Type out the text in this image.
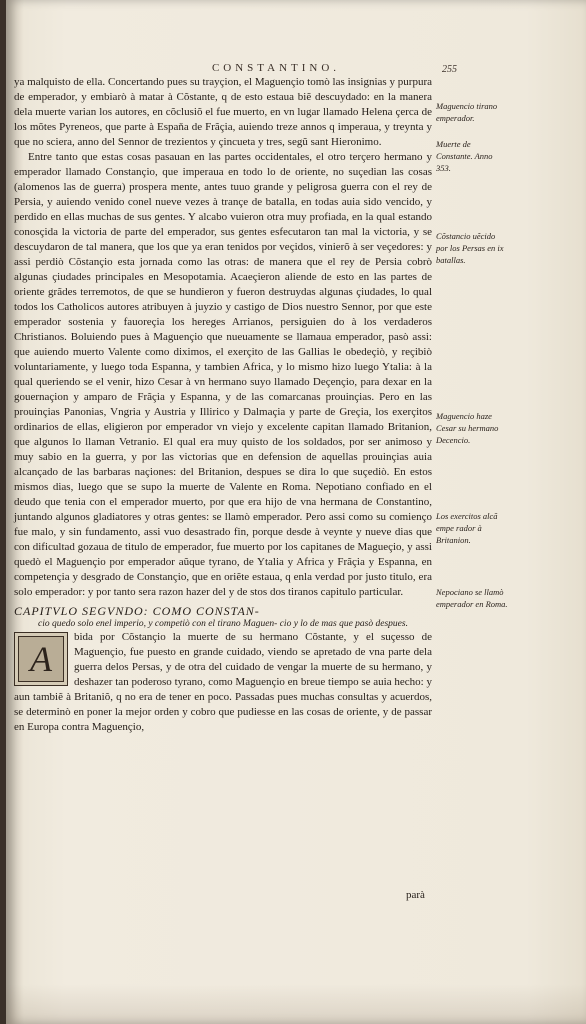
CONSTANTINO.	255

ya malquisto de ella. Concertando pues su trayçion, el Maguençio tomò las insignias y purpura de emperador, y embiarò à matar à Cõstante, q de esto estaua biẽ descuydado: en la manera dela muerte varian los autores, en cõclusiõ el fue muerto, en vn lugar llamado Helena çerca de los mõtes Pyreneos, que parte à Espaňa de Frãçia, auiendo treze annos q imperaua, y treynta y que no sciera, anno del Sennor de trezientos y çincueta y tres, segũ sant Hieronimo.

Entre tanto que estas cosas pasauan en las partes occidentales, el otro terçero hermano y emperador llamado Constançio, que imperaua en todo lo de oriente, no suçedian las cosas (alomenos las de guerra) prospera mente, antes tuuo grande y peligrosa guerra con el rey de Persia, y auiendo venido conel nueve vezes à trançe de batalla, en todas auia sido vencido, y perdido en ellas muchas de sus gentes. Y alcabo vuieron otra muy profiada, en la qual estando conosçida la victoria de parte del emperador, sus gentes esfecutaron tan mal la victoria, y se descuydaron de tal manera, que los que ya eran tenidos por veçidos, vinierõ à ser veçedores: y assi perdiò Cõstançio esta jornada como las otras: de manera que el rey de Persia cobrò algunas çiudades principales en Mesopotamia. Acaeçieron aliende de esto en las partes de oriente grãdes terremotos, de que se hundieron y fueron destruydas algunas çiudades, lo qual todos los Catholicos autores atribuyen à juyzio y castigo de Dios nuestro Sennor, por que este emperador sostenia y fauoreçia los hereges Arrianos, persiguien do à los verdaderos Christianos. Boluiendo pues à Maguençio que nueuamente se llamaua emperador, pasò assi: que auiendo muerto Valente como diximos, el exerçito de las Gallias le obedeçiò, y reçibiò voluntariamente, y luego toda Espanna, y tambien Africa, y lo mismo hizo luego Ytalia: à la qual queriendo se el venir, hizo Cesar à vn hermano suyo llamado Deçençio, para dexar en la gouernaçion y amparo de Frãçia y Espanna, y de las comarcanas prouinçias. Pero en las prouinçias Panonias, Vngria y Austria y Illirico y Dalmaçia y parte de Greçia, los exerçitos ordinarios de ellas, eligieron por emperador vn viejo y excelente capitan llamado Britanion, que algunos lo llaman Vetranio. El qual era muy quisto de los soldados, por ser animoso y muy sabio en la guerra, y por las victorias que en defension de aquellas prouinçias auia alcançado de las barbaras naçiones: del Britanion, despues se dira lo que suçediò. En estos mismos dias, luego que se supo la muerte de Valente en Roma. Nepotiano confiado en el deudo que tenia con el emperador muerto, por que era hijo de vna hermana de Constantino, juntando algunos gladiatores y otras gentes: se llamò emperador. Pero assi como su comienço fue malo, y sin fundamento, assi vuo desastrado fin, porque desde à veynte y nueve dias que con dificultad gozaua de titulo de emperador, fue muerto por los capitanes de Magueçio, y assi quedò el Maguençio por emperador aũque tyrano, de Ytalia y Africa y Frãçia y Espanna, en competençia y desgrado de Constançio, que en oriẽte estaua, q enla verdad por justo titulo, era solo emperador: y por tanto sera razon hazer del y de stos dos tiranos capitulo particular.

CAPITVLO SEGVNDO: COMO CONSTAN-
cio quedo solo enel imperio, y competiò con el tirano Maguen- cio y lo de mas que pasò despues.

A
bida por Cõstançio la muerte de su hermano Cõstante, y el suçesso de Maguençio, fue puesto en grande cuidado, viendo se apretado de vna parte dela guerra delos Persas, y de otra del cuidado de vengar la muerte de su hermano, y deshazer tan poderoso tyrano, como Maguençio en breue tiempo se auia hecho: y aun tambiẽ à Britaniõ, q no era de tener en poco. Passadas pues muchas consultas y acuerdos, se determinò en poner la mejor orden y cobro que pudiesse en las cosas de oriente, y de passar en Europa contra Maguençio,

Maguencio tirano emperador.
Muerte de Constante. Anno 353.
Cõstancio uẽcido por los Persas en ix batallas.
Maguencio haze Cesar su hermano Decencio.
Los exercitos alcã empe rador à Britanion.
Nepociano se llamò emperador en Roma.
parà
